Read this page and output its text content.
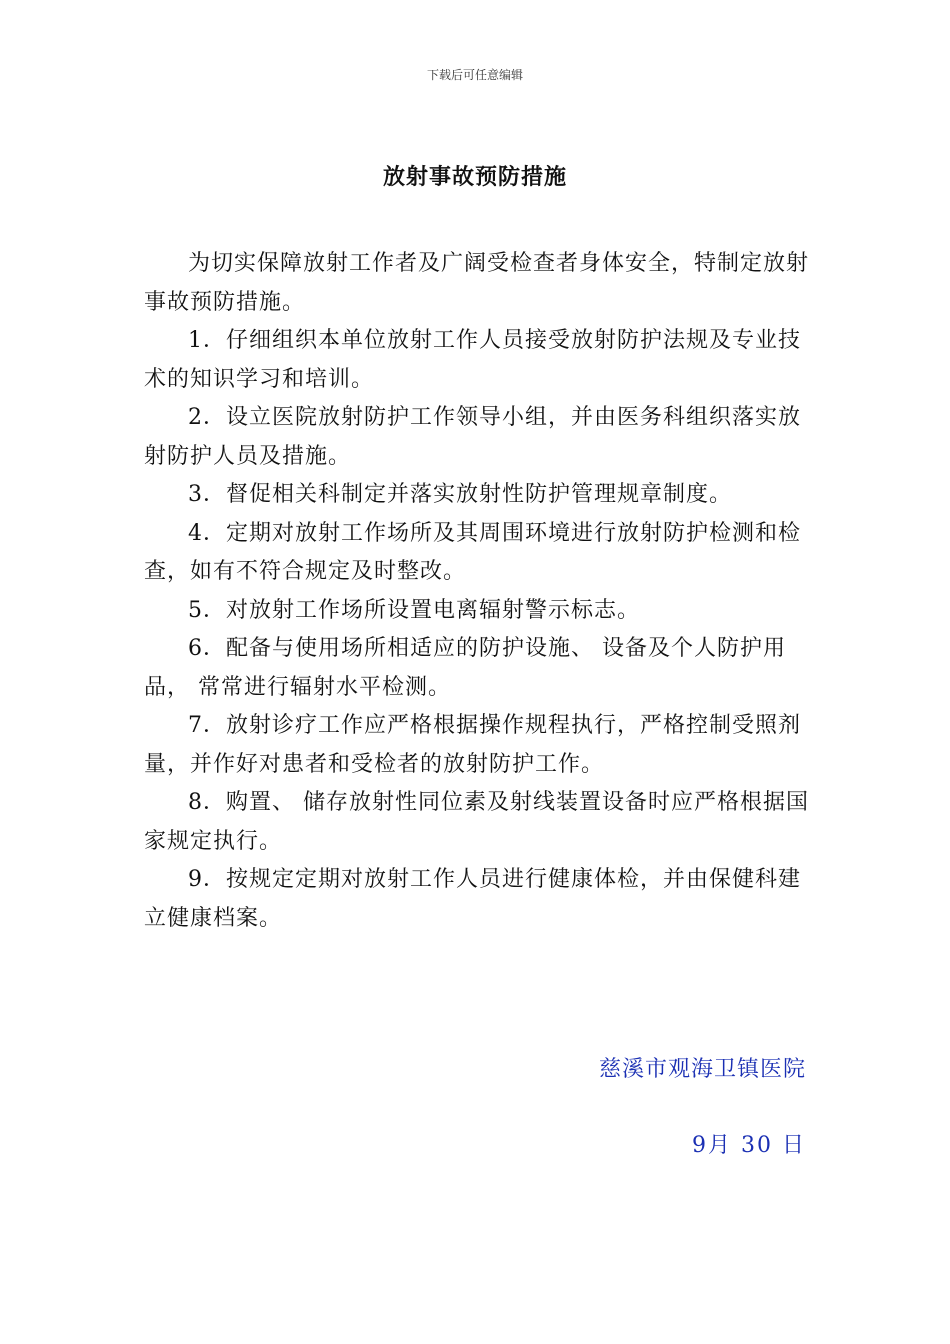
下载后可任意编辑
放射事故预防措施

为切实保障放射工作者及广阔受检查者身体安全，特制定放射事故预防措施。

1．仔细组织本单位放射工作人员接受放射防护法规及专业技术的知识学习和培训。

2．设立医院放射防护工作领导小组，并由医务科组织落实放射防护人员及措施。

3．督促相关科制定并落实放射性防护管理规章制度。

4．定期对放射工作场所及其周围环境进行放射防护检测和检查，如有不符合规定及时整改。

5．对放射工作场所设置电离辐射警示标志。

6．配备与使用场所相适应的防护设施、 设备及个人防护用品， 常常进行辐射水平检测。

7．放射诊疗工作应严格根据操作规程执行，严格控制受照剂量，并作好对患者和受检者的放射防护工作。

8．购置、 储存放射性同位素及射线装置设备时应严格根据国家规定执行。

9．按规定定期对放射工作人员进行健康体检，并由保健科建立健康档案。

慈溪市观海卫镇医院
9月 30 日
